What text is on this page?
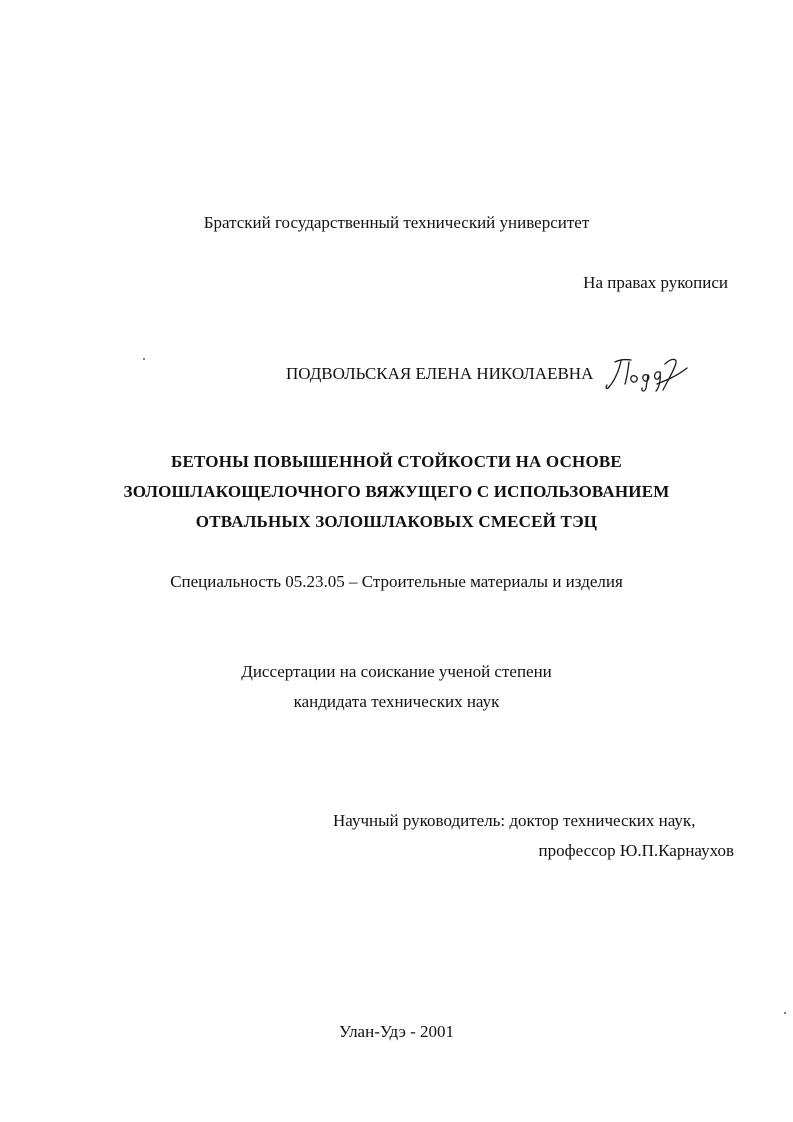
Братский государственный технический университет
На правах рукописи
ПОДВОЛЬСКАЯ ЕЛЕНА НИКОЛАЕВНА
БЕТОНЫ ПОВЫШЕННОЙ СТОЙКОСТИ НА ОСНОВЕ
ЗОЛОШЛАКОЩЕЛОЧНОГО ВЯЖУЩЕГО С ИСПОЛЬЗОВАНИЕМ
ОТВАЛЬНЫХ ЗОЛОШЛАКОВЫХ СМЕСЕЙ ТЭЦ
Специальность 05.23.05 – Строительные материалы и изделия
Диссертации на соискание ученой степени
кандидата технических наук
Научный руководитель: доктор технических наук,
профессор Ю.П.Карнаухов
Улан-Удэ - 2001
